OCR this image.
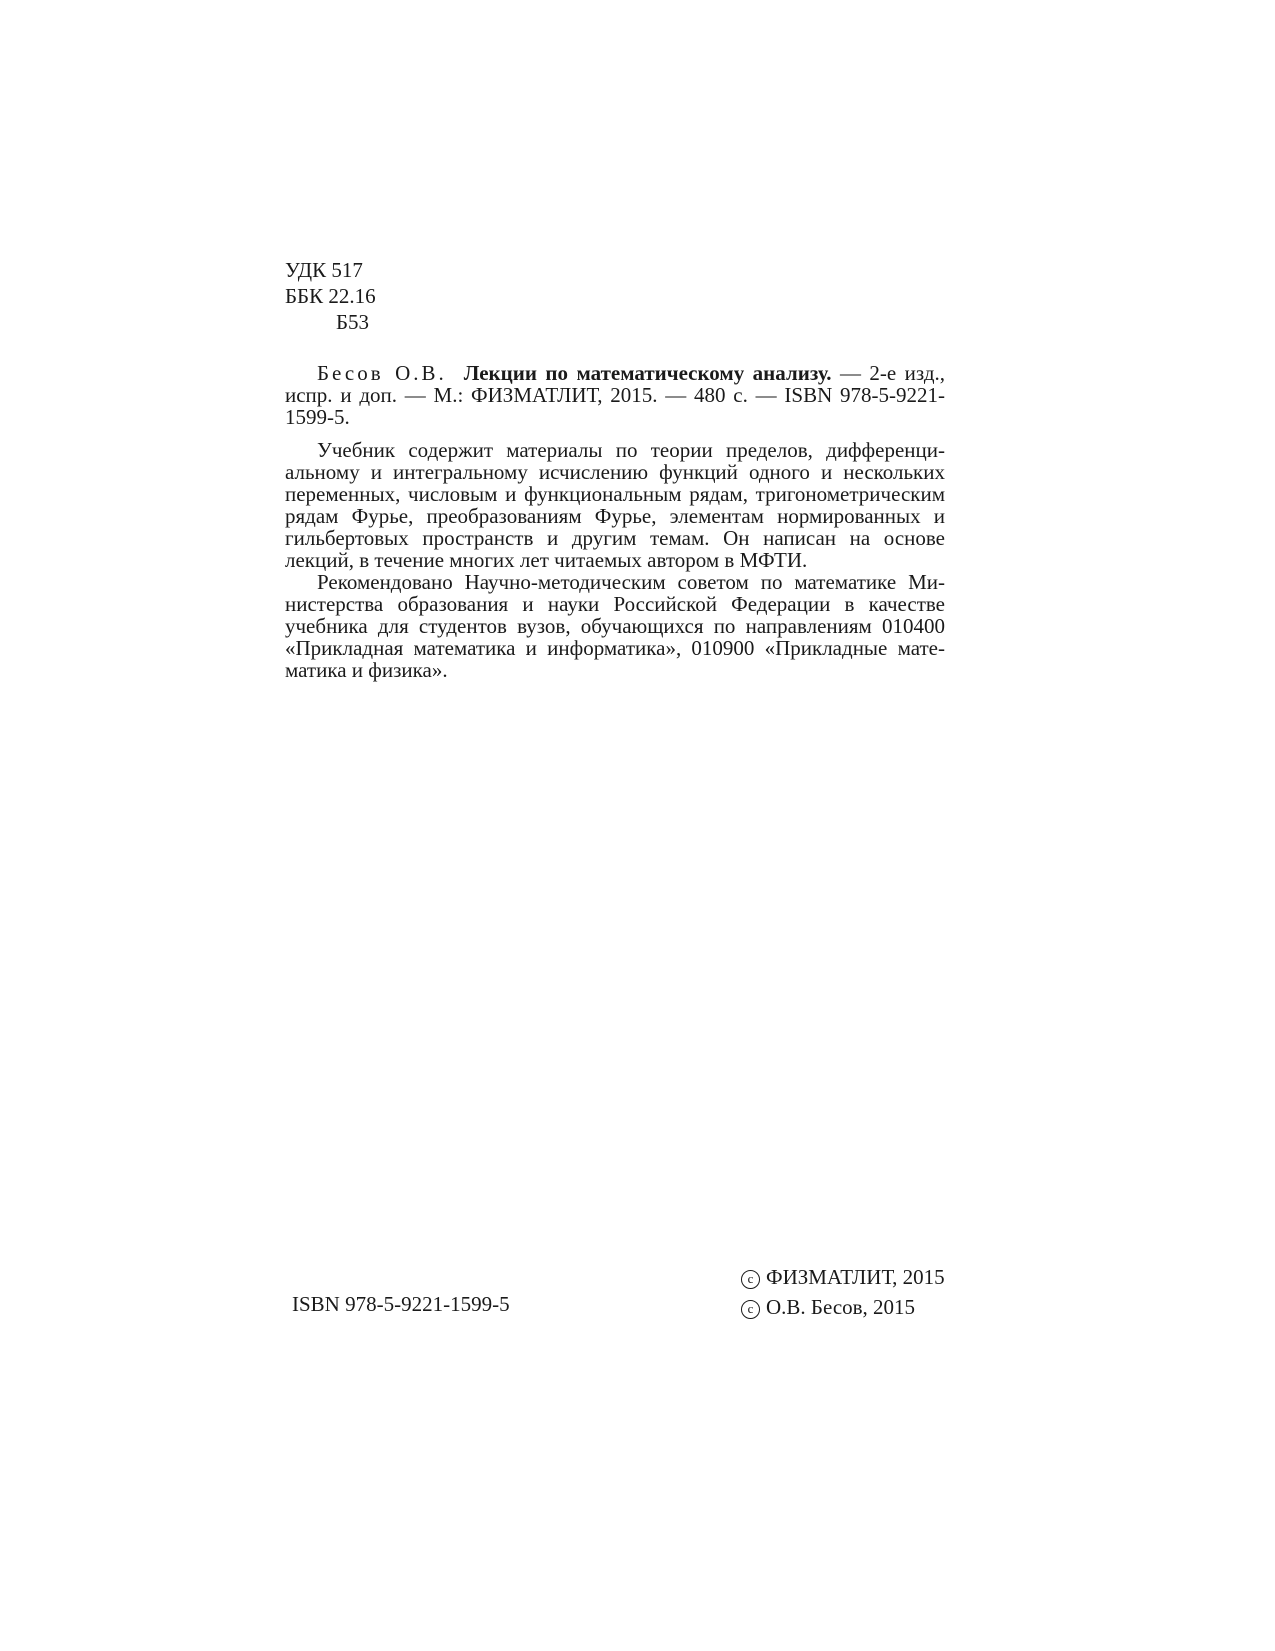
УДК 517
ББК 22.16
Б53

Бесов О.В. Лекции по математическому анализу. — 2-е изд., испр. и доп. — М.: ФИЗМАТЛИТ, 2015. — 480 с. — ISBN 978-5-9221-1599-5.

Учебник содержит материалы по теории пределов, дифференциальному и интегральному исчислению функций одного и нескольких переменных, числовым и функциональным рядам, тригонометрическим рядам Фурье, преобразованиям Фурье, элементам нормированных и гильбертовых пространств и другим темам. Он написан на основе лекций, в течение многих лет читаемых автором в МФТИ.

Рекомендовано Научно-методическим советом по математике Министерства образования и науки Российской Федерации в качестве учебника для студентов вузов, обучающихся по направлениям 010400 «Прикладная математика и информатика», 010900 «Прикладные математика и физика».

ISBN 978-5-9221-1599-5
c ФИЗМАТЛИТ, 2015
c О.В. Бесов, 2015
